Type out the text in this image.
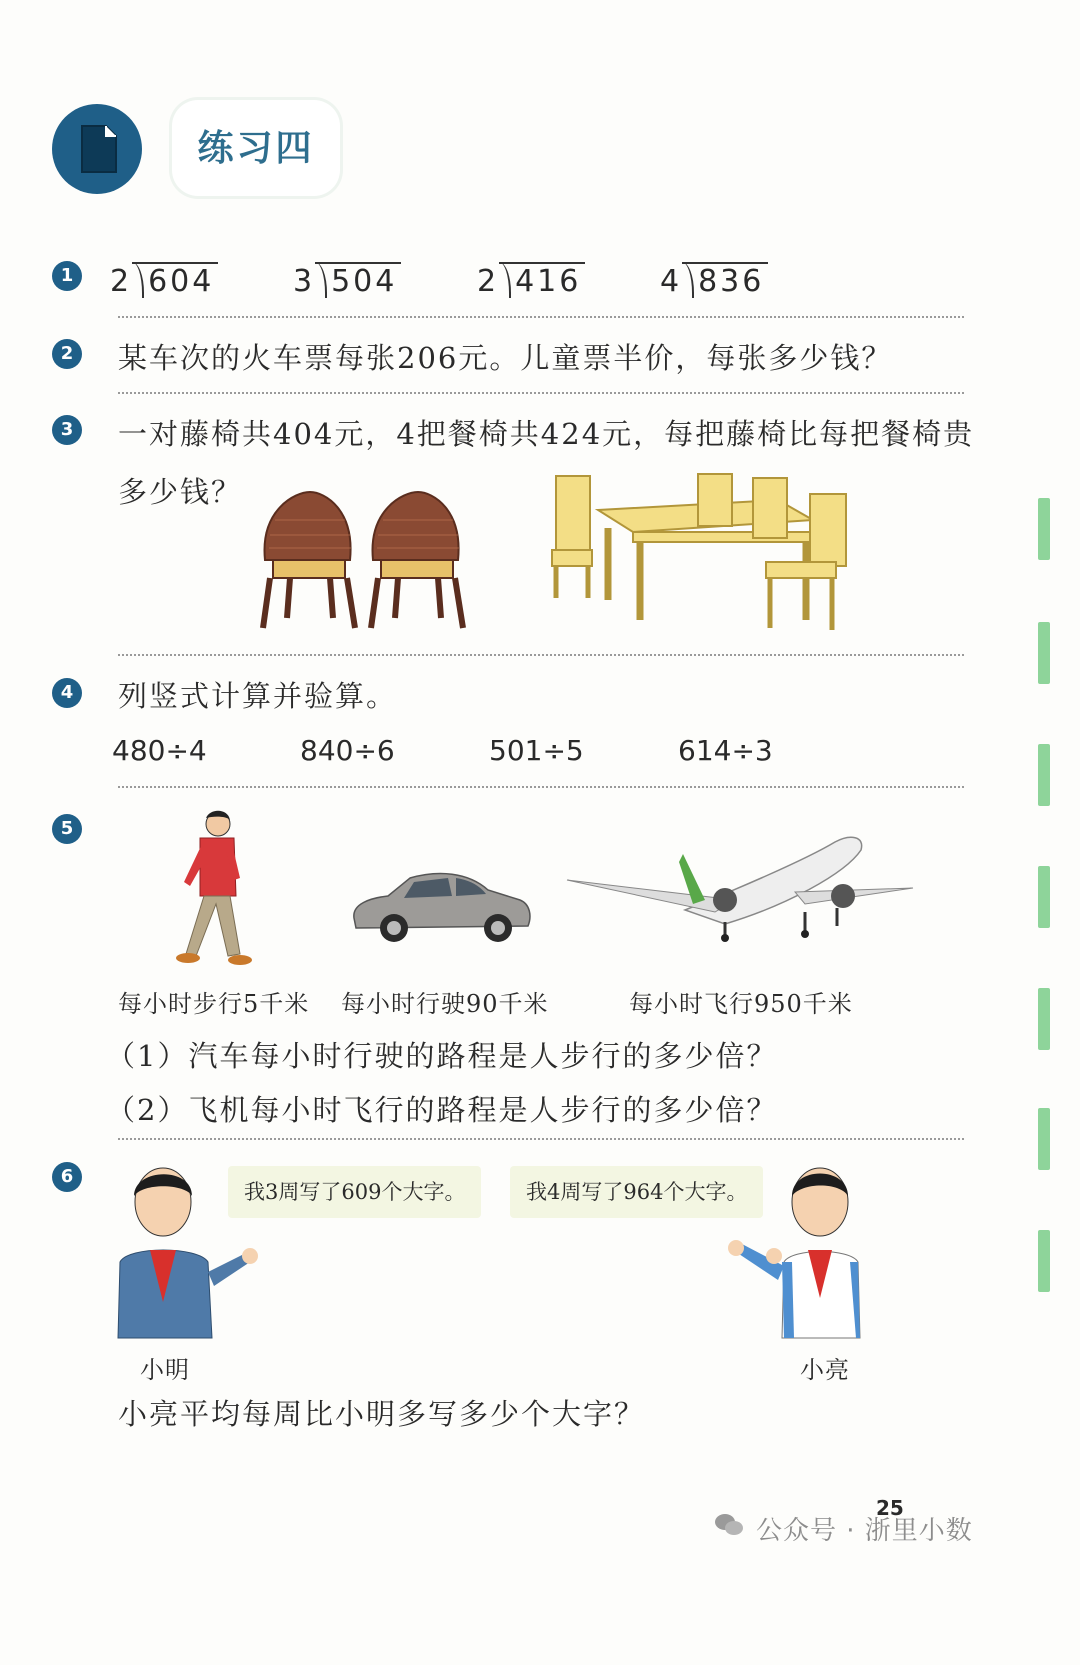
练习四
1 2 604	3 504	2 416	4 836
2	某车次的火车票每张206元。儿童票半价，每张多少钱？
3	一对藤椅共404元，4把餐椅共424元，每把藤椅比每把餐椅贵
多少钱？
4	列竖式计算并验算。
480÷4	840÷6	501÷5	614÷3
5
每小时步行5千米 每小时行驶90千米	每小时飞行950千米
（1）汽车每小时行驶的路程是人步行的多少倍？
（2）飞机每小时飞行的路程是人步行的多少倍？
6
我3周写了609个大字。	我4周写了964个大字。
小明	小亮
小亮平均每周比小明多写多少个大字？
25
公众号 · 浙里小数
